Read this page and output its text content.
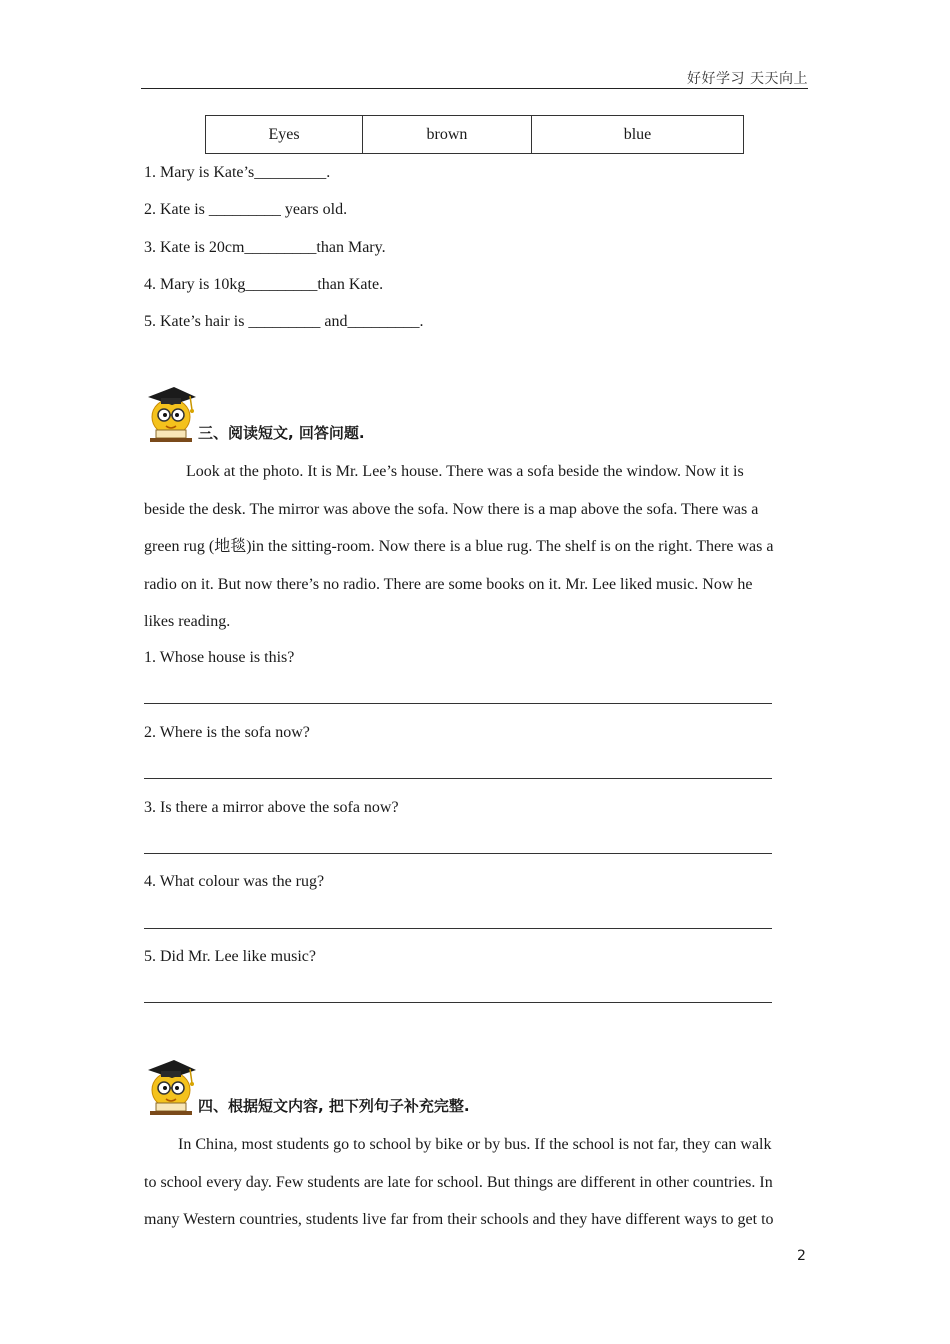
好好学习 天天向上
Eyes	brown	blue
1. Mary is Kate’s_________.
2. Kate is _________ years old.
3. Kate is 20cm_________than Mary.
4. Mary is 10kg_________than Kate.
5. Kate’s hair is _________ and_________.
三、阅读短文, 回答问题.
Look at the photo. It is Mr. Lee’s house. There was a sofa beside the window. Now it is
beside the desk. The mirror was above the sofa. Now there is a map above the sofa. There was a
green rug (地毯)in the sitting-room. Now there is a blue rug. The shelf is on the right. There was a
radio on it. But now there’s no radio. There are some books on it. Mr. Lee liked music. Now he
likes reading.
1. Whose house is this?
2. Where is the sofa now?
3. Is there a mirror above the sofa now?
4. What colour was the rug?
5. Did Mr. Lee like music?
四、根据短文内容, 把下列句子补充完整.
In China, most students go to school by bike or by bus. If the school is not far, they can walk
to school every day. Few students are late for school. But things are different in other countries. In
many Western countries, students live far from their schools and they have different ways to get to
2
